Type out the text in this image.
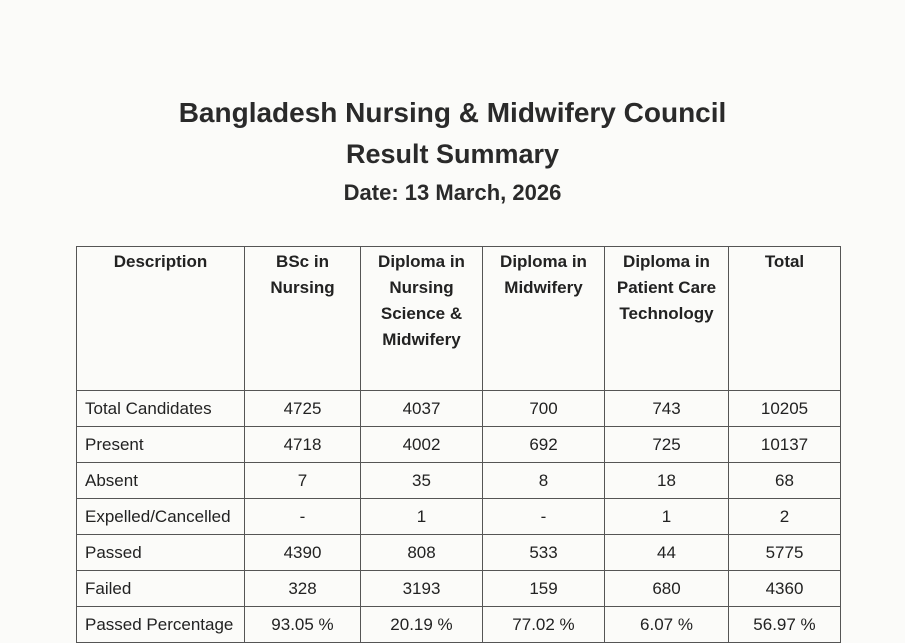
Bangladesh Nursing & Midwifery Council
Result Summary
Date: 13 March, 2026
Description	BSc in Nursing	Diploma in Nursing Science & Midwifery	Diploma in Midwifery	Diploma in Patient Care Technology	Total
Total Candidates	4725	4037	700	743	10205
Present	4718	4002	692	725	10137
Absent	7	35	8	18	68
Expelled/Cancelled	-	1	-	1	2
Passed	4390	808	533	44	5775
Failed	328	3193	159	680	4360
Passed Percentage	93.05 %	20.19 %	77.02 %	6.07 %	56.97 %
